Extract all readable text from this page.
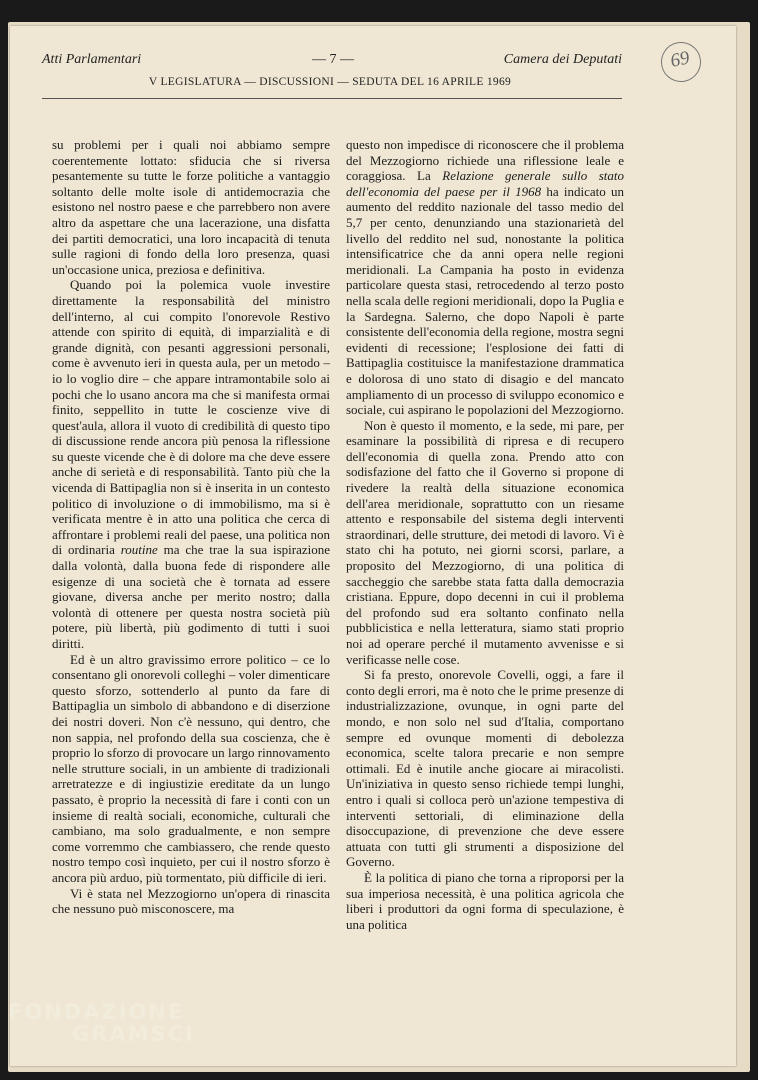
Atti Parlamentari	— 7 —	Camera dei Deputati
V LEGISLATURA — DISCUSSIONI — SEDUTA DEL 16 APRILE 1969
69

su problemi per i quali noi abbiamo sempre coerentemente lottato: sfiducia che si riversa pesantemente su tutte le forze politiche a vantaggio soltanto delle molte isole di antidemocrazia che esistono nel nostro paese e che parrebbero non avere altro da aspettare che una lacerazione, una disfatta dei partiti democratici, una loro incapacità di tenuta sulle ragioni di fondo della loro presenza, quasi un'occasione unica, preziosa e definitiva.

Quando poi la polemica vuole investire direttamente la responsabilità del ministro dell'interno, al cui compito l'onorevole Restivo attende con spirito di equità, di imparzialità e di grande dignità, con pesanti aggressioni personali, come è avvenuto ieri in questa aula, per un metodo – io lo voglio dire – che appare intramontabile solo ai pochi che lo usano ancora ma che si manifesta ormai finito, seppellito in tutte le coscienze vive di quest'aula, allora il vuoto di credibilità di questo tipo di discussione rende ancora più penosa la riflessione su queste vicende che è di dolore ma che deve essere anche di serietà e di responsabilità. Tanto più che la vicenda di Battipaglia non si è inserita in un contesto politico di involuzione o di immobilismo, ma si è verificata mentre è in atto una politica che cerca di affrontare i problemi reali del paese, una politica non di ordinaria routine ma che trae la sua ispirazione dalla volontà, dalla buona fede di rispondere alle esigenze di una società che è tornata ad essere giovane, diversa anche per merito nostro; dalla volontà di ottenere per questa nostra società più potere, più libertà, più godimento di tutti i suoi diritti.

Ed è un altro gravissimo errore politico – ce lo consentano gli onorevoli colleghi – voler dimenticare questo sforzo, sottenderlo al punto da fare di Battipaglia un simbolo di abbandono e di diserzione dei nostri doveri. Non c'è nessuno, qui dentro, che non sappia, nel profondo della sua coscienza, che è proprio lo sforzo di provocare un largo rinnovamento nelle strutture sociali, in un ambiente di tradizionali arretratezze e di ingiustizie ereditate da un lungo passato, è proprio la necessità di fare i conti con un insieme di realtà sociali, economiche, culturali che cambiano, ma solo gradualmente, e non sempre come vorremmo che cambiassero, che rende questo nostro tempo così inquieto, per cui il nostro sforzo è ancora più arduo, più tormentato, più difficile di ieri.

Vi è stata nel Mezzogiorno un'opera di rinascita che nessuno può misconoscere, ma

questo non impedisce di riconoscere che il problema del Mezzogiorno richiede una riflessione leale e coraggiosa. La Relazione generale sullo stato dell'economia del paese per il 1968 ha indicato un aumento del reddito nazionale del tasso medio del 5,7 per cento, denunziando una stazionarietà del livello del reddito nel sud, nonostante la politica intensificatrice che da anni opera nelle regioni meridionali. La Campania ha posto in evidenza particolare questa stasi, retrocedendo al terzo posto nella scala delle regioni meridionali, dopo la Puglia e la Sardegna. Salerno, che dopo Napoli è parte consistente dell'economia della regione, mostra segni evidenti di recessione; l'esplosione dei fatti di Battipaglia costituisce la manifestazione drammatica e dolorosa di uno stato di disagio e del mancato ampliamento di un processo di sviluppo economico e sociale, cui aspirano le popolazioni del Mezzogiorno.

Non è questo il momento, e la sede, mi pare, per esaminare la possibilità di ripresa e di recupero dell'economia di quella zona. Prendo atto con sodisfazione del fatto che il Governo si propone di rivedere la realtà della situazione economica dell'area meridionale, soprattutto con un riesame attento e responsabile del sistema degli interventi straordinari, delle strutture, dei metodi di lavoro. Vi è stato chi ha potuto, nei giorni scorsi, parlare, a proposito del Mezzogiorno, di una politica di saccheggio che sarebbe stata fatta dalla democrazia cristiana. Eppure, dopo decenni in cui il problema del profondo sud era soltanto confinato nella pubblicistica e nella letteratura, siamo stati proprio noi ad operare perché il mutamento avvenisse e si verificasse nelle cose.

Si fa presto, onorevole Covelli, oggi, a fare il conto degli errori, ma è noto che le prime presenze di industrializzazione, ovunque, in ogni parte del mondo, e non solo nel sud d'Italia, comportano sempre ed ovunque momenti di debolezza economica, scelte talora precarie e non sempre ottimali. Ed è inutile anche giocare ai miracolisti. Un'iniziativa in questo senso richiede tempi lunghi, entro i quali si colloca però un'azione tempestiva di interventi settoriali, di eliminazione della disoccupazione, di prevenzione che deve essere attuata con tutti gli strumenti a disposizione del Governo.

È la politica di piano che torna a riproporsi per la sua imperiosa necessità, è una politica agricola che liberi i produttori da ogni forma di speculazione, è una politica

FONDAZIONE
GRAMSCI
